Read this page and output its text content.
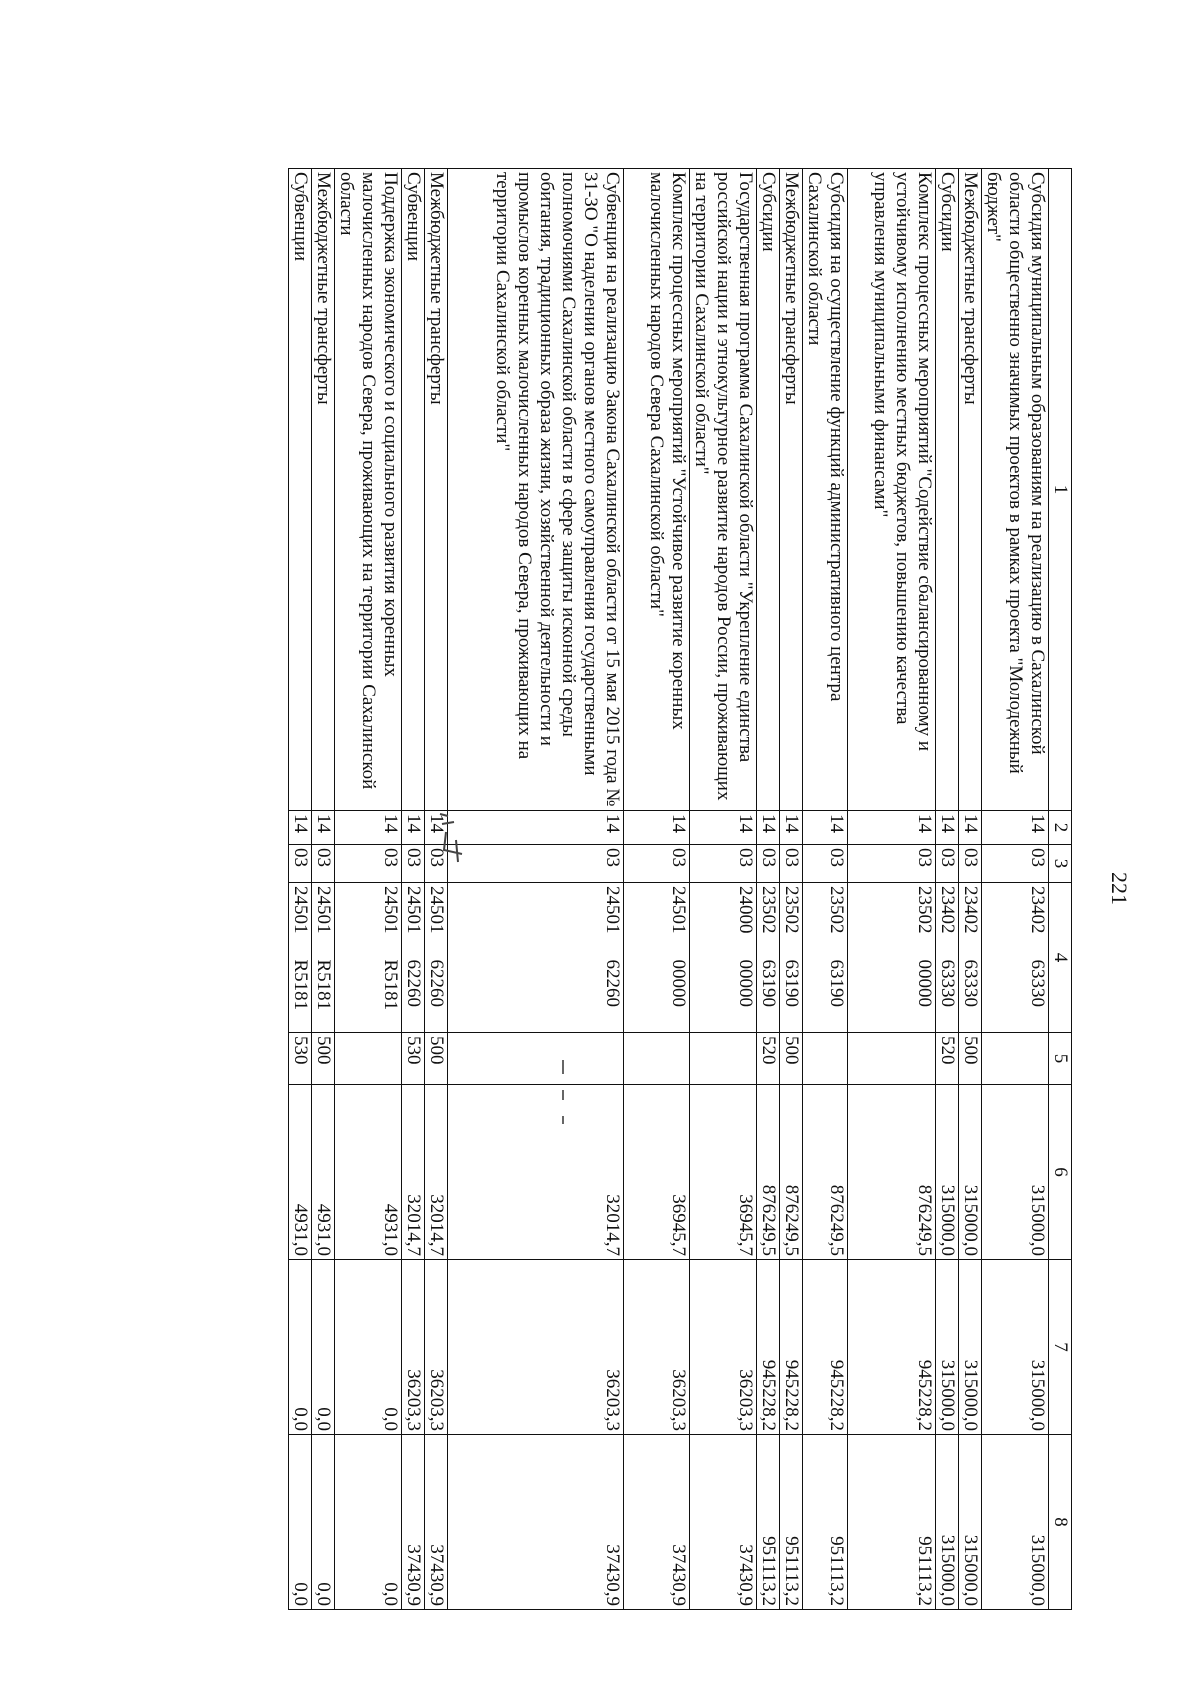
221
1	2	3	4	5	6	7	8
Субсидия муниципальным образованиям на реализацию в Сахалинской области общественно значимых проектов в рамках проекта "Молодежный бюджет"	14	03	2340263330		315000,0	315000,0	315000,0
Межбюджетные трансферты	14	03	2340263330	500	315000,0	315000,0	315000,0
Субсидии	14	03	2340263330	520	315000,0	315000,0	315000,0
Комплекс процессных мероприятий "Содействие сбалансированному и устойчивому исполнению местных бюджетов, повышению качества управления муниципальными финансами"	14	03	2350200000		876249,5	945228,2	951113,2
Субсидия на осуществление функций административного центра Сахалинской области	14	03	2350263190		876249,5	945228,2	951113,2
Межбюджетные трансферты	14	03	2350263190	500	876249,5	945228,2	951113,2
Субсидии	14	03	2350263190	520	876249,5	945228,2	951113,2
Государственная программа Сахалинской области "Укрепление единства российской нации и этнокультурное развитие народов России, проживающих на территории Сахалинской области"	14	03	2400000000		36945,7	36203,3	37430,9
Комплекс процессных мероприятий "Устойчивое развитие коренных малочисленных народов Севера Сахалинской области"	14	03	2450100000		36945,7	36203,3	37430,9
Субвенция на реализацию Закона Сахалинской области от 15 мая 2015 года № 31-ЗО "О наделении органов местного самоуправления государственными полномочиями Сахалинской области в сфере защиты исконной среды обитания, традиционных образа жизни, хозяйственной деятельности и промыслов коренных малочисленных народов Севера, проживающих на территории Сахалинской области"	14	03	2450162260		32014,7	36203,3	37430,9
Межбюджетные трансферты	14	03	2450162260	500	32014,7	36203,3	37430,9
Субвенции	14	03	2450162260	530	32014,7	36203,3	37430,9
Поддержка экономического и социального развития коренных малочисленных народов Севера, проживающих на территории Сахалинской области	14	03	24501R5181		4931,0	0,0	0,0
Межбюджетные трансферты	14	03	24501R5181	500	4931,0	0,0	0,0
Субвенции	14	03	24501R5181	530	4931,0	0,0	0,0
